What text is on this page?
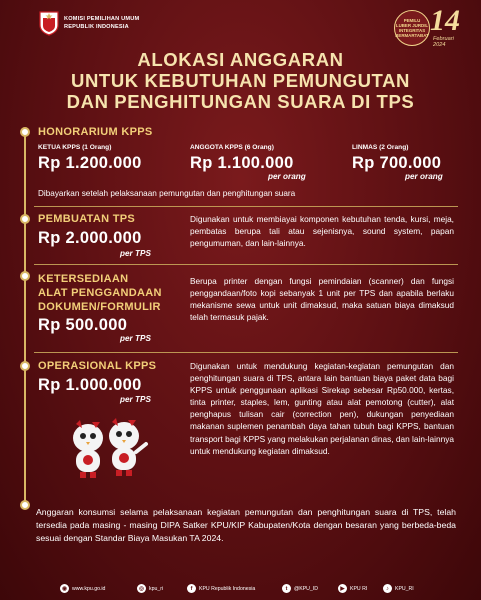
KOMISI PEMILIHAN UMUM
REPUBLIK INDONESIA
PEMILU
LUBER JURDIL
INTEGRITAS
BERMARTABAT 14
Februari
2024
ALOKASI ANGGARAN
UNTUK KEBUTUHAN PEMUNGUTAN
DAN PENGHITUNGAN SUARA DI TPS
HONORARIUM KPPS
KETUA KPPS (1 Orang)
Rp 1.200.000
ANGGOTA KPPS (6 Orang)
Rp 1.100.000
per orang
LINMAS (2 Orang)
Rp 700.000
per orang
Dibayarkan setelah pelaksanaan pemungutan dan penghitungan suara
PEMBUATAN TPS
Rp 2.000.000
per TPS
Digunakan untuk membiayai komponen kebutuhan tenda, kursi, meja, pembatas berupa tali atau sejenisnya, sound system, papan pengumuman, dan lain-lainnya.
KETERSEDIAAN
ALAT PENGGANDAAN
DOKUMEN/FORMULIR
Rp 500.000
per TPS
Berupa printer dengan fungsi pemindaian (scanner) dan fungsi penggandaan/foto kopi sebanyak 1 unit per TPS dan apabila berlaku mekanisme sewa untuk unit dimaksud, maka satuan biaya dimaksud telah termasuk pajak.
OPERASIONAL KPPS
Rp 1.000.000
per TPS
Digunakan untuk mendukung kegiatan-kegiatan pemungutan dan penghitungan suara di TPS, antara lain bantuan biaya paket data bagi KPPS untuk penggunaan aplikasi Sirekap sebesar Rp50.000, kertas, tinta printer, staples, lem, gunting atau alat pemotong (cutter), alat penghapus tulisan cair (correction pen), dukungan penyediaan makanan suplemen penambah daya tahan tubuh bagi KPPS, bantuan transport bagi KPPS yang melakukan perjalanan dinas, dan lain-lainnya untuk mendukung kegiatan dimaksud.
Anggaran konsumsi selama pelaksanaan kegiatan pemungutan dan penghitungan suara di TPS, telah tersedia pada masing - masing DIPA Satker KPU/KIP Kabupaten/Kota dengan besaran yang berbeda-beda sesuai dengan Standar Biaya Masukan TA 2024.
◉ www.kpu.go.id	◎ kpu_ri	f	KPU Republik Indonesia	t	@KPU_ID	▶	KPU RI	♪	KPU_RI
